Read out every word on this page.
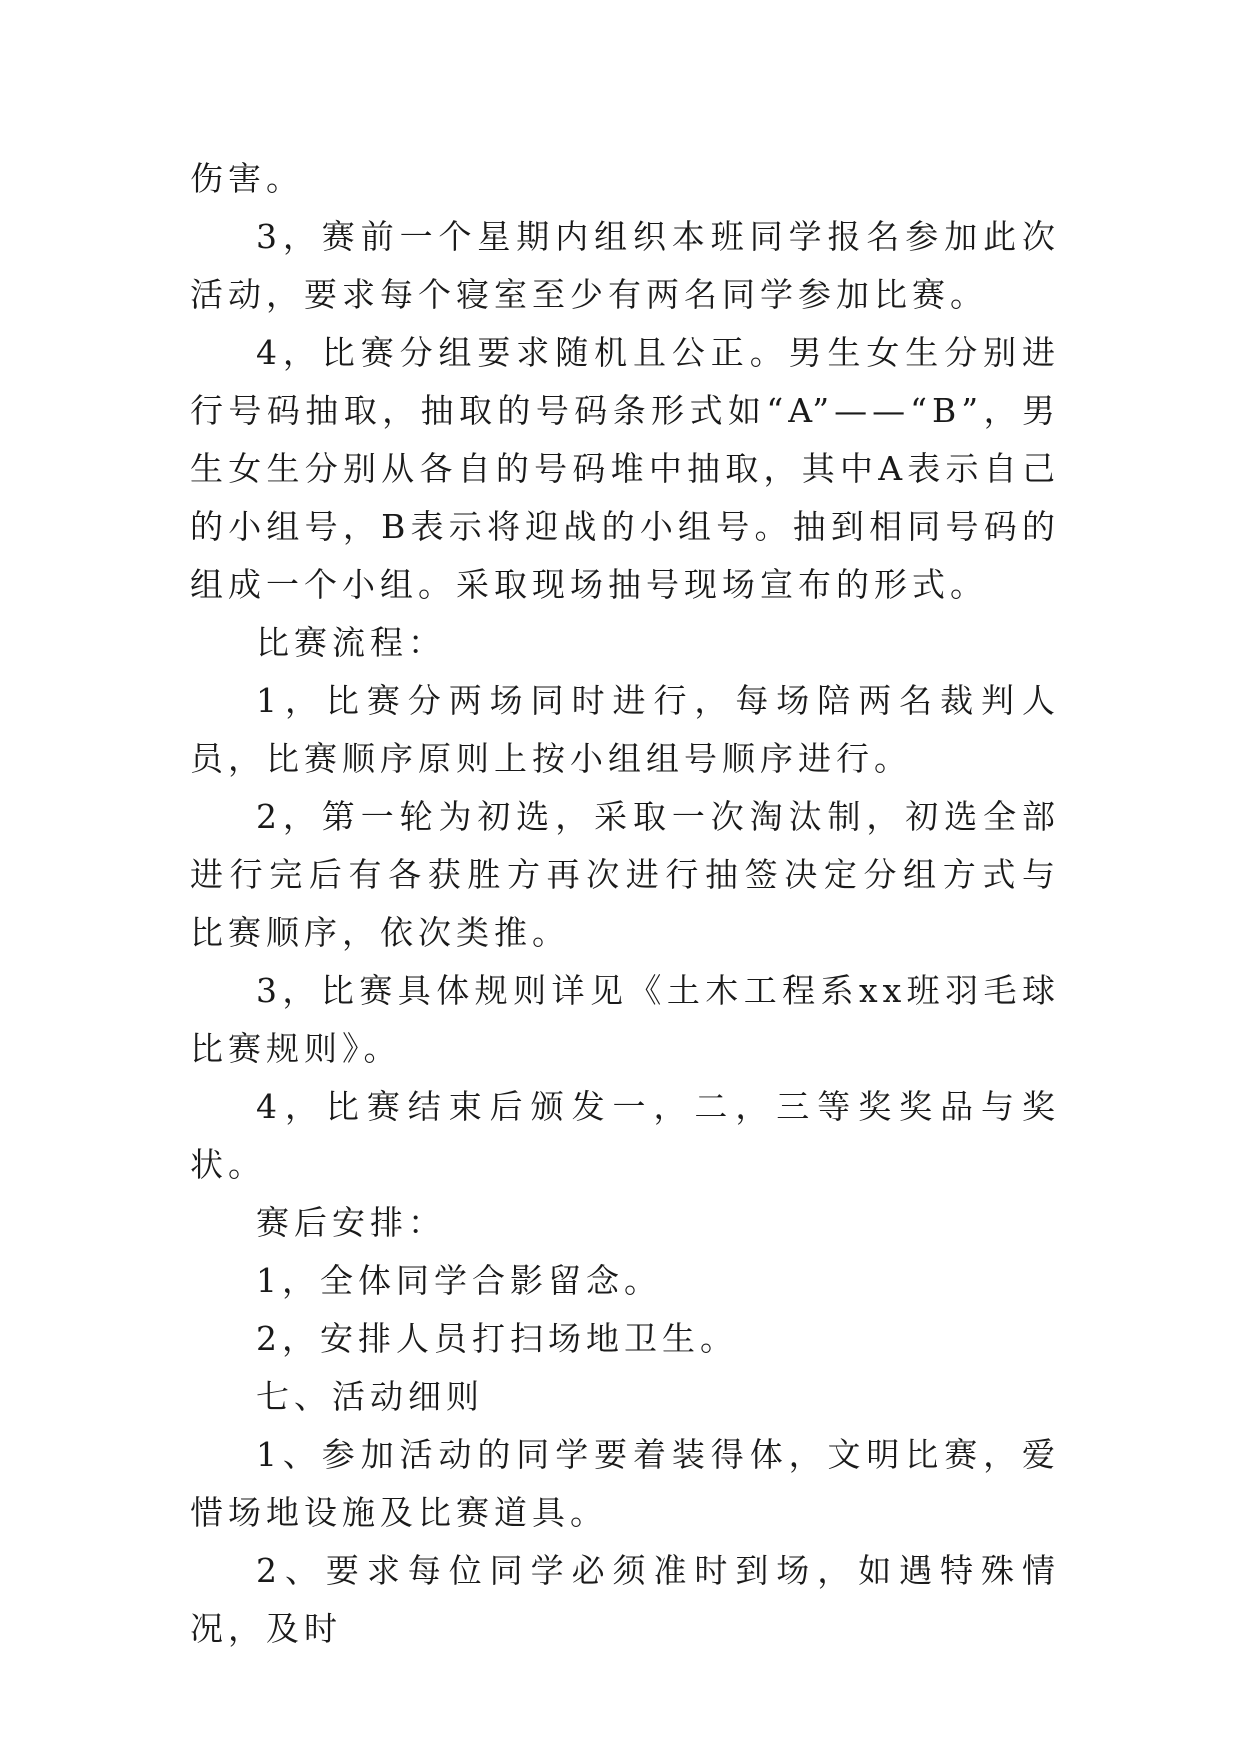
伤害。

3，赛前一个星期内组织本班同学报名参加此次活动，要求每个寝室至少有两名同学参加比赛。

4，比赛分组要求随机且公正。男生女生分别进行号码抽取，抽取的号码条形式如“A”——“B”，男生女生分别从各自的号码堆中抽取，其中A表示自己的小组号，B表示将迎战的小组号。抽到相同号码的组成一个小组。采取现场抽号现场宣布的形式。

比赛流程：

1，比赛分两场同时进行，每场陪两名裁判人员，比赛顺序原则上按小组组号顺序进行。

2，第一轮为初选，采取一次淘汰制，初选全部进行完后有各获胜方再次进行抽签决定分组方式与比赛顺序，依次类推。

3，比赛具体规则详见《土木工程系xx班羽毛球比赛规则》。

4，比赛结束后颁发一，二，三等奖奖品与奖状。

赛后安排：

1，全体同学合影留念。

2，安排人员打扫场地卫生。

七、活动细则

1、参加活动的同学要着装得体，文明比赛，爱惜场地设施及比赛道具。

2、要求每位同学必须准时到场，如遇特殊情况，及时
